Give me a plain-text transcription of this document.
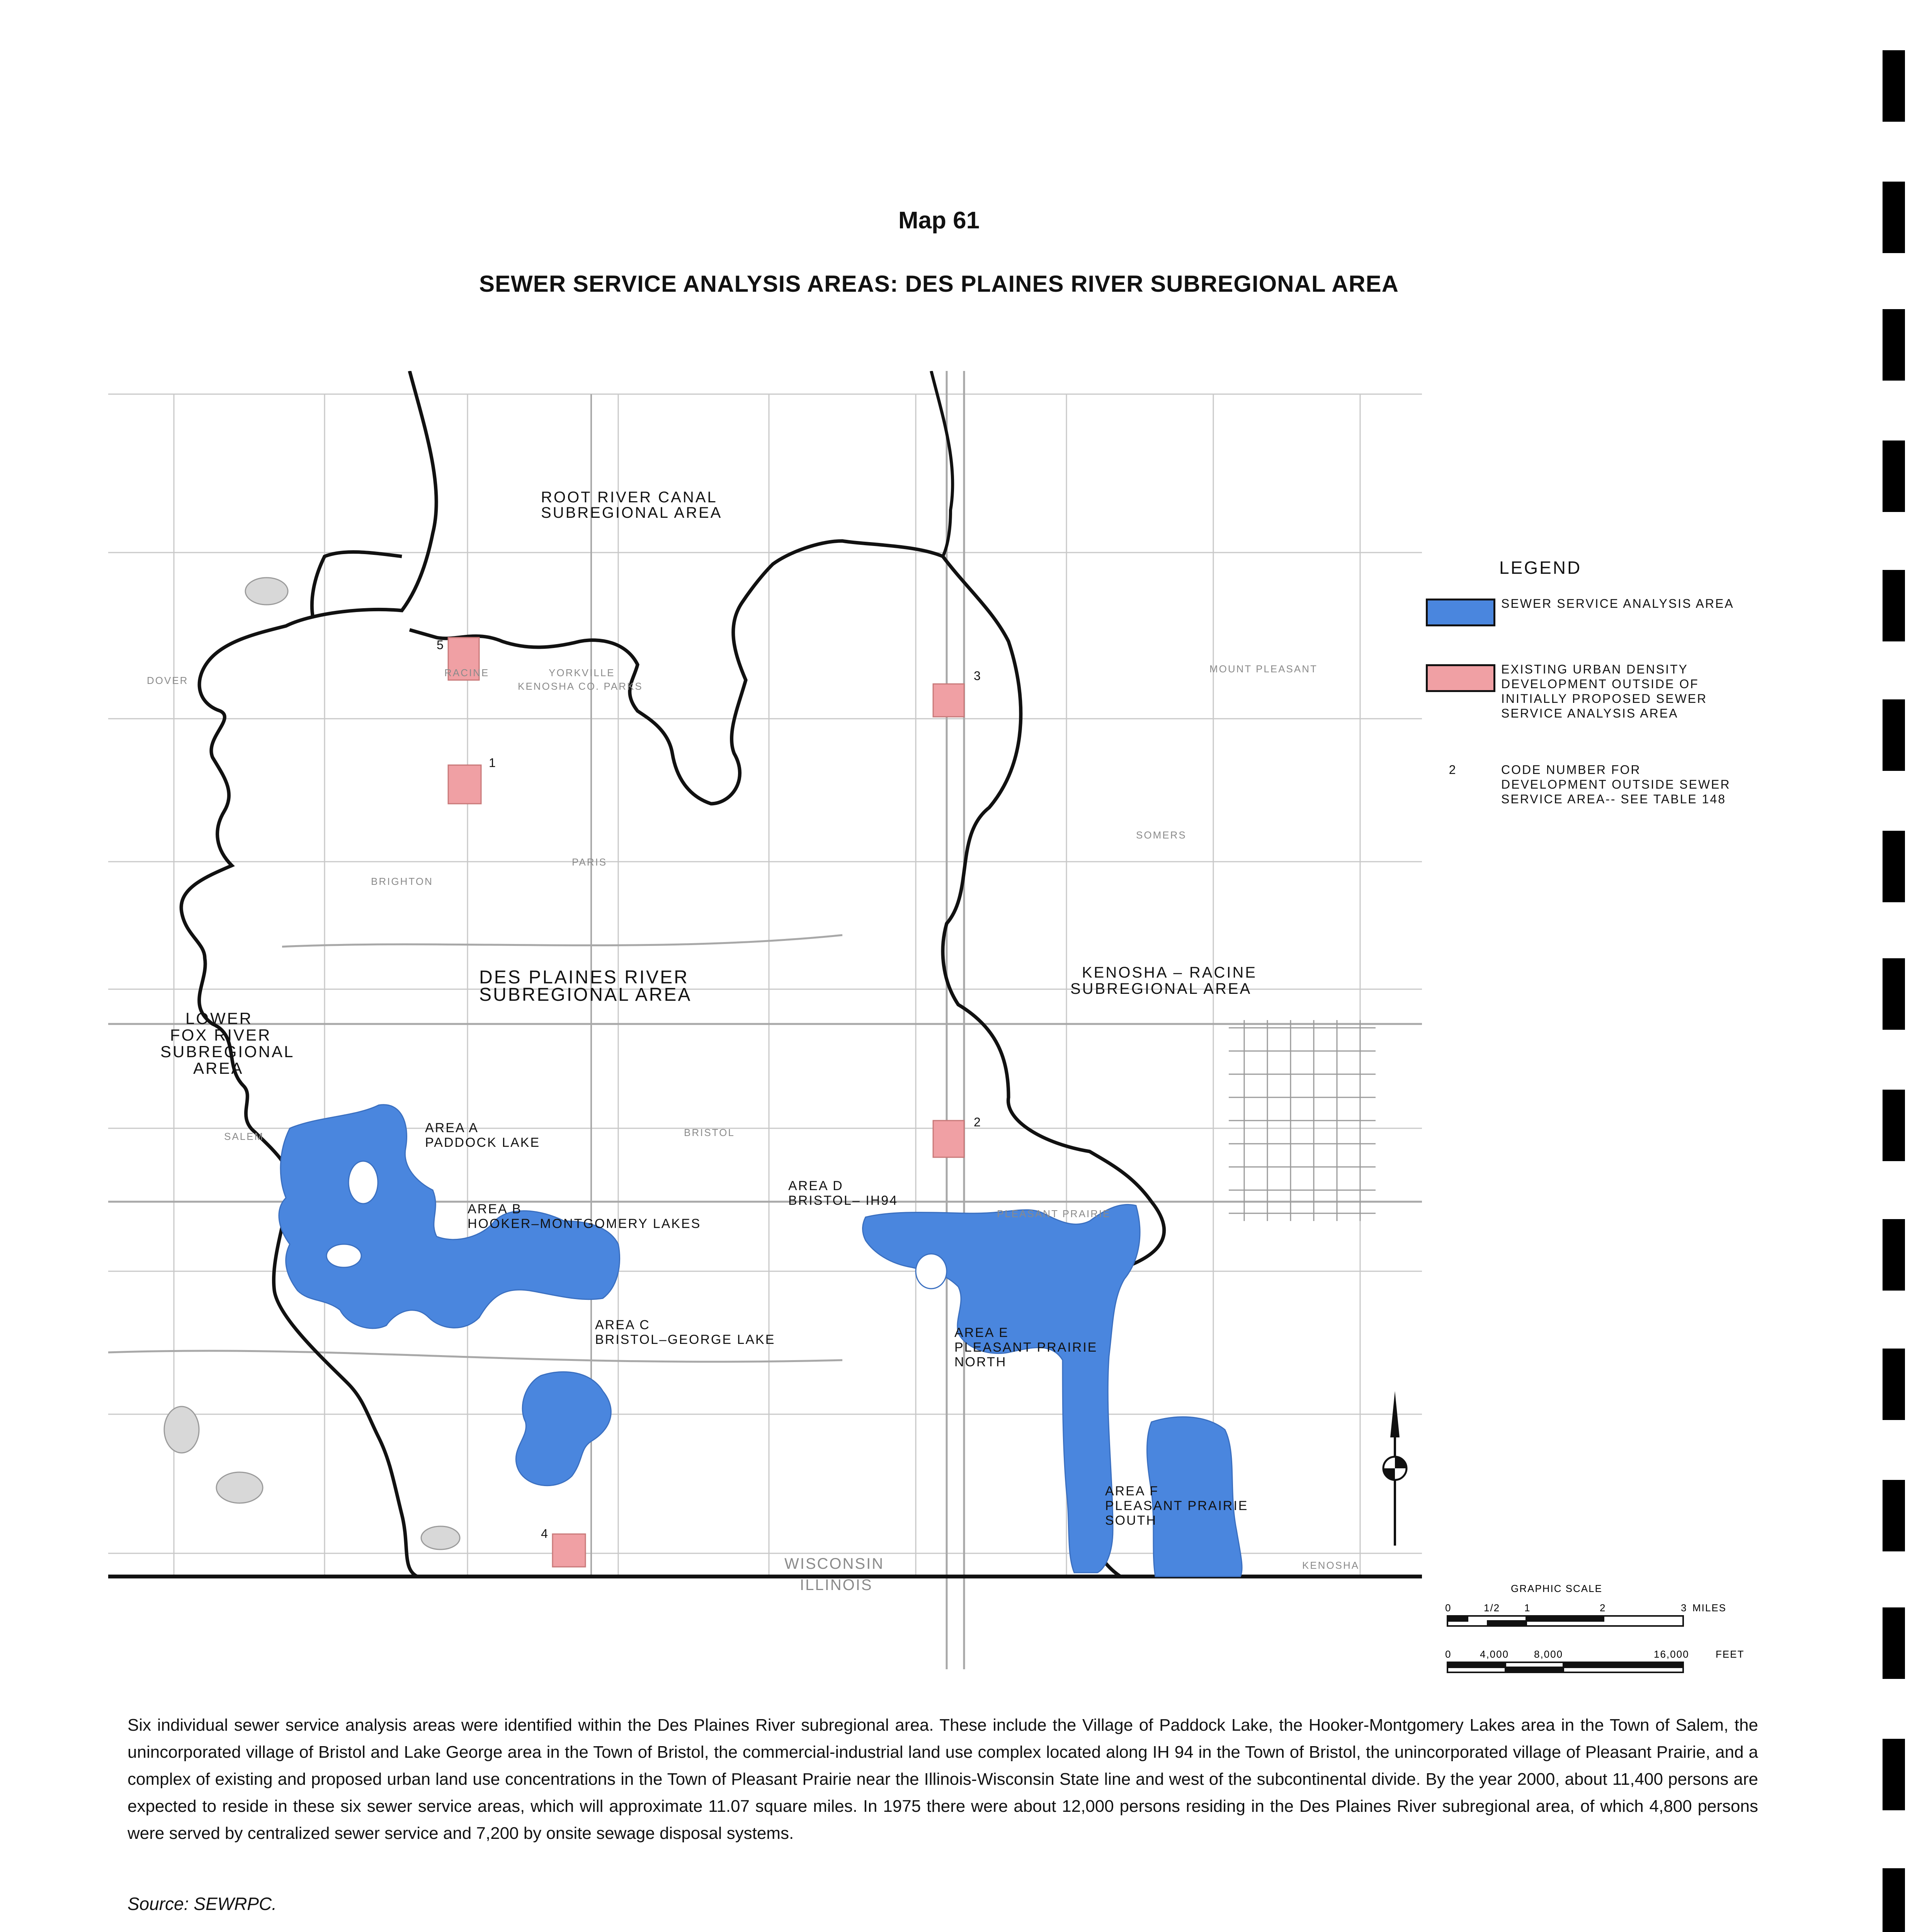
Map 61
SEWER SERVICE ANALYSIS AREAS: DES PLAINES RIVER SUBREGIONAL AREA
5
1
3
2
4
RACINE	YORKVILLE
KENOSHA CO. PARKS
MOUNT PLEASANT
PARIS
SOMERS
BRIGHTON
DOVER
BRISTOL
SALEM
PLEASANT PRAIRIE
KENOSHA
WISCONSIN
ILLINOIS
ROOT RIVER CANAL
SUBREGIONAL AREA
DES PLAINES RIVER
SUBREGIONAL AREA
KENOSHA – RACINE
SUBREGIONAL AREA
LOWER
FOX RIVER
SUBREGIONAL
AREA
AREA A
PADDOCK LAKE
AREA B
HOOKER–MONTGOMERY LAKES
AREA C
BRISTOL–GEORGE LAKE
AREA D
BRISTOL– IH94
AREA E
PLEASANT PRAIRIE
NORTH
AREA F
PLEASANT PRAIRIE
SOUTH
LEGEND
SEWER SERVICE ANALYSIS AREA
EXISTING URBAN DENSITY DEVELOPMENT OUTSIDE OF INITIALLY PROPOSED SEWER SERVICE ANALYSIS AREA
2	CODE NUMBER FOR DEVELOPMENT OUTSIDE SEWER SERVICE AREA-- SEE TABLE 148
GRAPHIC SCALE
0	1/2 1	2	3 MILES
0	4,000 8,000	16,000	FEET
Six individual sewer service analysis areas were identified within the Des Plaines River subregional area. These include the Village of Paddock Lake, the Hooker-Montgomery Lakes area in the Town of Salem, the unincorporated village of Bristol and Lake George area in the Town of Bristol, the commercial-industrial land use complex located along IH 94 in the Town of Bristol, the unincorporated village of Pleasant Prairie, and a complex of existing and proposed urban land use concentrations in the Town of Pleasant Prairie near the Illinois-Wisconsin State line and west of the subcontinental divide. By the year 2000, about 11,400 persons are expected to reside in these six sewer service areas, which will approximate 11.07 square miles. In 1975 there were about 12,000 persons residing in the Des Plaines River subregional area, of which 4,800 persons were served by centralized sewer service and 7,200 by onsite sewage disposal systems.
Source: SEWRPC.
